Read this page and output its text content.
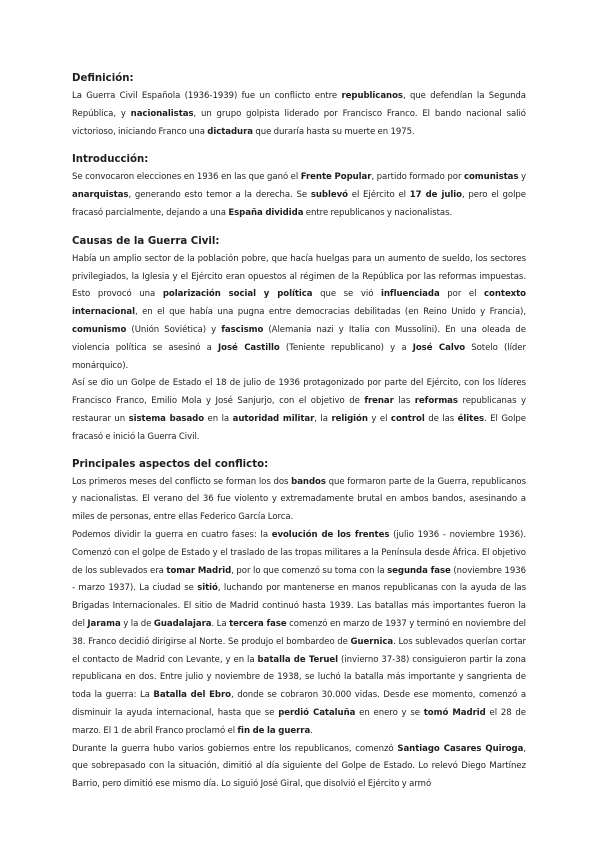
Definición:

La Guerra Civil Española (1936-1939) fue un conflicto entre republicanos, que defendían la Segunda República, y nacionalistas, un grupo golpista liderado por Francisco Franco. El bando nacional salió victorioso, iniciando Franco una dictadura que duraría hasta su muerte en 1975.

Introducción:

Se convocaron elecciones en 1936 en las que ganó el Frente Popular, partido formado por comunistas y anarquistas, generando esto temor a la derecha. Se sublevó el Ejército el 17 de julio, pero el golpe fracasó parcialmente, dejando a una España dividida entre republicanos y nacionalistas.

Causas de la Guerra Civil:

Había un amplio sector de la población pobre, que hacía huelgas para un aumento de sueldo, los sectores privilegiados, la Iglesia y el Ejército eran opuestos al régimen de la República por las reformas impuestas. Esto provocó una polarización social y política que se vió influenciada por el contexto internacional, en el que había una pugna entre democracias debilitadas (en Reino Unido y Francia), comunismo (Unión Soviética) y fascismo (Alemania nazi y Italia con Mussolini). En una oleada de violencia política se asesinó a José Castillo (Teniente republicano) y a José Calvo Sotelo (líder monárquico).

Así se dio un Golpe de Estado el 18 de julio de 1936 protagonizado por parte del Ejército, con los líderes Francisco Franco, Emilio Mola y José Sanjurjo, con el objetivo de frenar las reformas republicanas y restaurar un sistema basado en la autoridad militar, la religión y el control de las élites. El Golpe fracasó e inició la Guerra Civil.

Principales aspectos del conflicto:

Los primeros meses del conflicto se forman los dos bandos que formaron parte de la Guerra, republicanos y nacionalistas. El verano del 36 fue violento y extremadamente brutal en ambos bandos, asesinando a miles de personas, entre ellas Federico García Lorca.

Podemos dividir la guerra en cuatro fases: la evolución de los frentes (julio 1936 - noviembre 1936). Comenzó con el golpe de Estado y el traslado de las tropas militares a la Península desde África. El objetivo de los sublevados era tomar Madrid, por lo que comenzó su toma con la segunda fase (noviembre 1936 - marzo 1937). La ciudad se sitió, luchando por mantenerse en manos republicanas con la ayuda de las Brigadas Internacionales. El sitio de Madrid continuó hasta 1939. Las batallas más importantes fueron la del Jarama y la de Guadalajara. La tercera fase comenzó en marzo de 1937 y terminó en noviembre del 38. Franco decidió dirigirse al Norte. Se produjo el bombardeo de Guernica. Los sublevados querían cortar el contacto de Madrid con Levante, y en la batalla de Teruel (invierno 37-38) consiguieron partir la zona republicana en dos. Entre julio y noviembre de 1938, se luchó la batalla más importante y sangrienta de toda la guerra: La Batalla del Ebro, donde se cobraron 30.000 vidas. Desde ese momento, comenzó a disminuir la ayuda internacional, hasta que se perdió Cataluña en enero y se tomó Madrid el 28 de marzo. El 1 de abril Franco proclamó el fin de la guerra.

Durante la guerra hubo varios gobiernos entre los republicanos, comenzó Santiago Casares Quiroga, que sobrepasado con la situación, dimitió al día siguiente del Golpe de Estado. Lo relevó Diego Martínez Barrio, pero dimitió ese mismo día. Lo siguió José Giral, que disolvió el Ejército y armó
